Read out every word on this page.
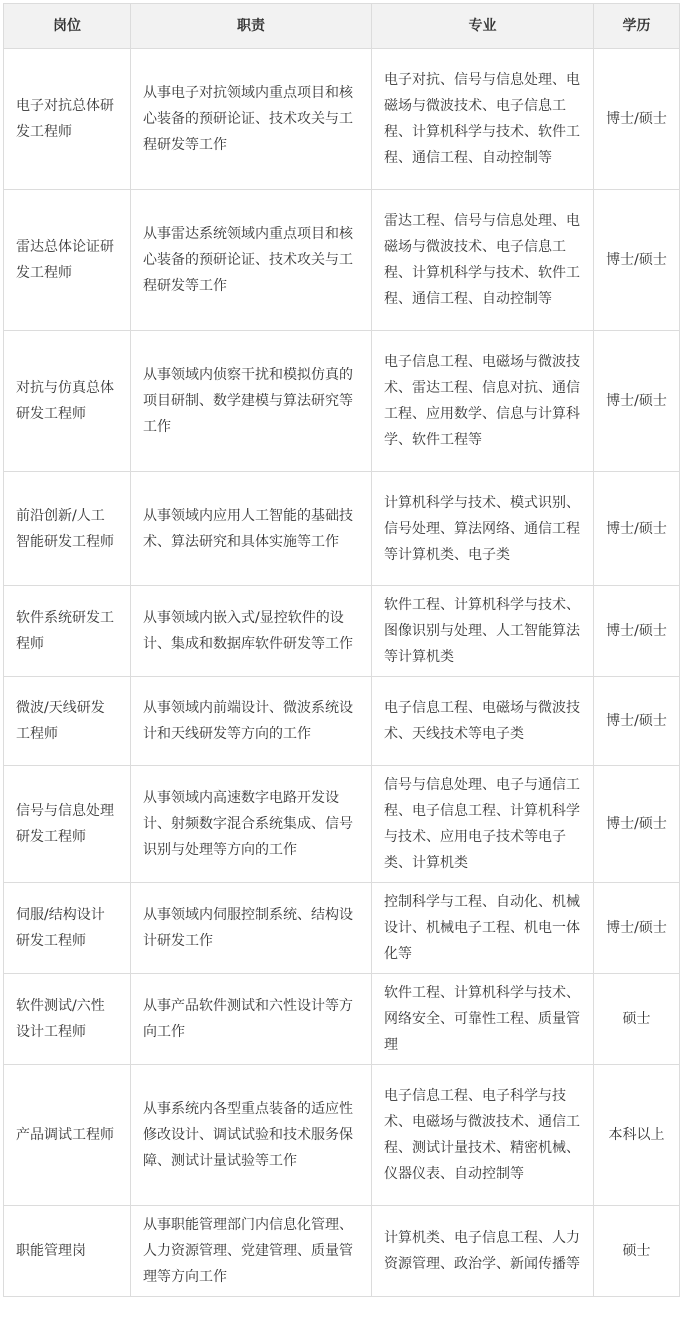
岗位	职责	专业	学历
电子对抗总体研发工程师	从事电子对抗领域内重点项目和核心装备的预研论证、技术攻关与工程研发等工作	电子对抗、信号与信息处理、电磁场与微波技术、电子信息工程、计算机科学与技术、软件工程、通信工程、自动控制等	博士/硕士
雷达总体论证研发工程师	从事雷达系统领域内重点项目和核心装备的预研论证、技术攻关与工程研发等工作	雷达工程、信号与信息处理、电磁场与微波技术、电子信息工程、计算机科学与技术、软件工程、通信工程、自动控制等	博士/硕士
对抗与仿真总体研发工程师	从事领域内侦察干扰和模拟仿真的项目研制、数学建模与算法研究等工作	电子信息工程、电磁场与微波技术、雷达工程、信息对抗、通信工程、应用数学、信息与计算科学、软件工程等	博士/硕士
前沿创新/人工智能研发工程师	从事领域内应用人工智能的基础技术、算法研究和具体实施等工作	计算机科学与技术、模式识别、信号处理、算法网络、通信工程等计算机类、电子类	博士/硕士
软件系统研发工程师	从事领域内嵌入式/显控软件的设计、集成和数据库软件研发等工作	软件工程、计算机科学与技术、图像识别与处理、人工智能算法等计算机类	博士/硕士
微波/天线研发工程师	从事领域内前端设计、微波系统设计和天线研发等方向的工作	电子信息工程、电磁场与微波技术、天线技术等电子类	博士/硕士
信号与信息处理研发工程师	从事领域内高速数字电路开发设计、射频数字混合系统集成、信号识别与处理等方向的工作	信号与信息处理、电子与通信工程、电子信息工程、计算机科学与技术、应用电子技术等电子类、计算机类	博士/硕士
伺服/结构设计研发工程师	从事领域内伺服控制系统、结构设计研发工作	控制科学与工程、自动化、机械设计、机械电子工程、机电一体化等	博士/硕士
软件测试/六性设计工程师	从事产品软件测试和六性设计等方向工作	软件工程、计算机科学与技术、网络安全、可靠性工程、质量管理	硕士
产品调试工程师	从事系统内各型重点装备的适应性修改设计、调试试验和技术服务保障、测试计量试验等工作	电子信息工程、电子科学与技术、电磁场与微波技术、通信工程、测试计量技术、精密机械、仪器仪表、自动控制等	本科以上
职能管理岗	从事职能管理部门内信息化管理、人力资源管理、党建管理、质量管理等方向工作	计算机类、电子信息工程、人力资源管理、政治学、新闻传播等	硕士
